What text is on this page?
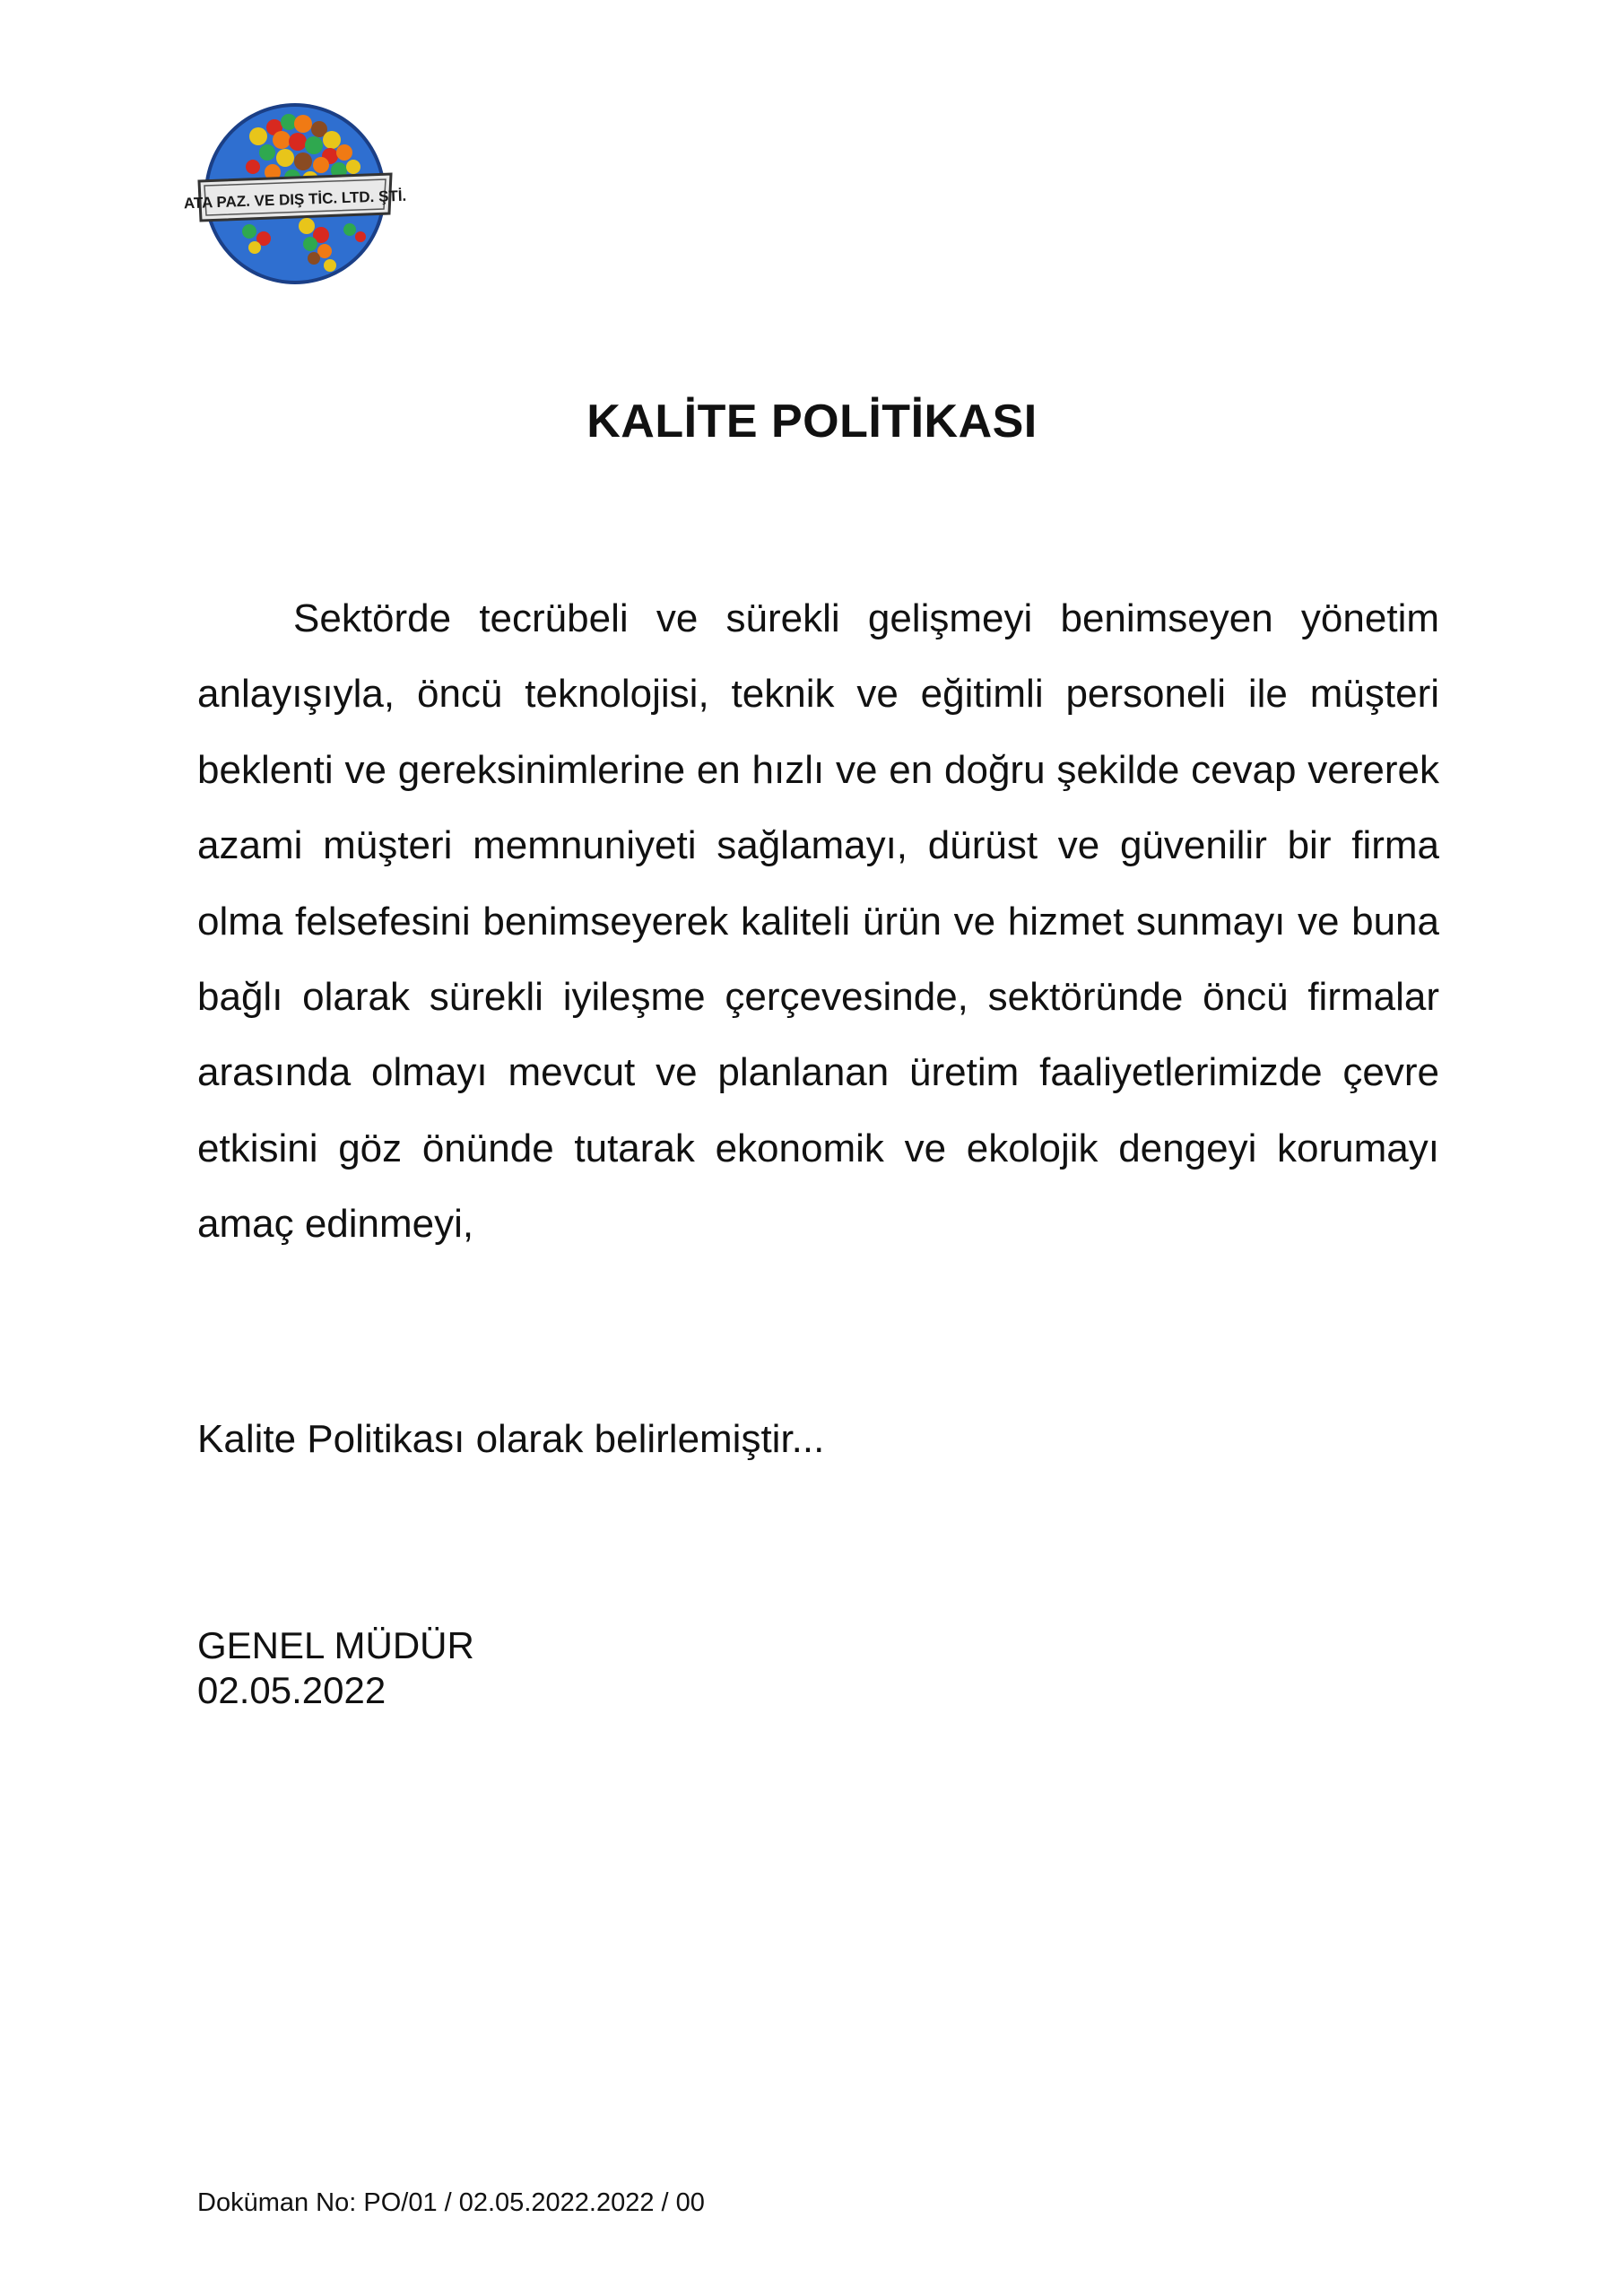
ATA PAZ. VE DIŞ TİC. LTD. ŞTİ.
KALİTE POLİTİKASI
Sektörde tecrübeli ve sürekli gelişmeyi benimseyen yönetim anlayışıyla, öncü teknolojisi, teknik ve eğitimli personeli ile müşteri beklenti ve gereksinimlerine en hızlı ve en doğru şekilde cevap vererek azami müşteri memnuniyeti sağlamayı, dürüst ve güvenilir bir firma olma felsefesini benimseyerek kaliteli ürün ve hizmet sunmayı ve buna bağlı olarak sürekli iyileşme çerçevesinde, sektöründe öncü firmalar arasında olmayı mevcut ve planlanan üretim faaliyetlerimizde çevre etkisini göz önünde tutarak ekonomik ve ekolojik dengeyi korumayı amaç edinmeyi,
Kalite Politikası olarak belirlemiştir...
GENEL MÜDÜR
02.05.2022
Doküman No: PO/01 / 02.05.2022.2022 / 00
